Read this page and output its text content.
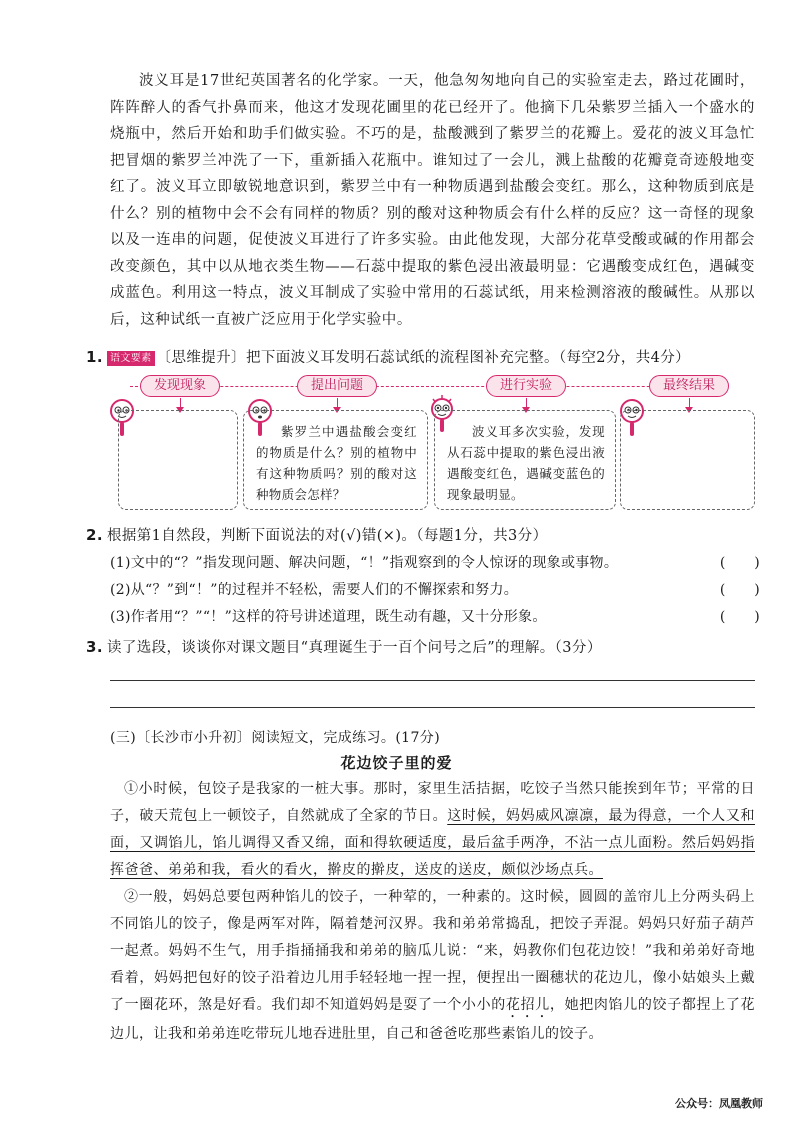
波义耳是17世纪英国著名的化学家。一天，他急匆匆地向自己的实验室走去，路过花圃时，阵阵醉人的香气扑鼻而来，他这才发现花圃里的花已经开了。他摘下几朵紫罗兰插入一个盛水的烧瓶中，然后开始和助手们做实验。不巧的是，盐酸溅到了紫罗兰的花瓣上。爱花的波义耳急忙把冒烟的紫罗兰冲洗了一下，重新插入花瓶中。谁知过了一会儿，溅上盐酸的花瓣竟奇迹般地变红了。波义耳立即敏锐地意识到，紫罗兰中有一种物质遇到盐酸会变红。那么，这种物质到底是什么？别的植物中会不会有同样的物质？别的酸对这种物质会有什么样的反应？这一奇怪的现象以及一连串的问题，促使波义耳进行了许多实验。由此他发现，大部分花草受酸或碱的作用都会改变颜色，其中以从地衣类生物——石蕊中提取的紫色浸出液最明显：它遇酸变成红色，遇碱变成蓝色。利用这一特点，波义耳制成了实验中常用的石蕊试纸，用来检测溶液的酸碱性。从那以后，这种试纸一直被广泛应用于化学实验中。

1. 语文要素 〔思维提升〕把下面波义耳发明石蕊试纸的流程图补充完整。（每空2分，共4分）
发现现象	提出问题	进行实验	最终结果
紫罗兰中遇盐酸会变红的物质是什么？别的植物中有这种物质吗？别的酸对这种物质会怎样？
波义耳多次实验，发现从石蕊中提取的紫色浸出液遇酸变红色，遇碱变蓝色的现象最明显。
2. 根据第1自然段，判断下面说法的对(√)错(×)。（每题1分，共3分）
(1)文中的“？”指发现问题、解决问题，“！”指观察到的令人惊讶的现象或事物。	(　　)
(2)从“？”到“！”的过程并不轻松，需要人们的不懈探索和努力。	(　　)
(3)作者用“？”“！”这样的符号讲述道理，既生动有趣，又十分形象。	(　　)
3. 读了选段，谈谈你对课文题目“真理诞生于一百个问号之后”的理解。（3分）
(三)〔长沙市小升初〕阅读短文，完成练习。(17分)
花边饺子里的爱

①小时候，包饺子是我家的一桩大事。那时，家里生活拮据，吃饺子当然只能挨到年节；平常的日子，破天荒包上一顿饺子，自然就成了全家的节日。这时候，妈妈威风凛凛，最为得意，一个人又和面，又调馅儿，馅儿调得又香又绵，面和得软硬适度，最后盆手两净，不沾一点儿面粉。然后妈妈指挥爸爸、弟弟和我，看火的看火，擀皮的擀皮，送皮的送皮，颇似沙场点兵。

②一般，妈妈总要包两种馅儿的饺子，一种荤的，一种素的。这时候，圆圆的盖帘儿上分两头码上不同馅儿的饺子，像是两军对阵，隔着楚河汉界。我和弟弟常捣乱，把饺子弄混。妈妈只好茄子葫芦一起煮。妈妈不生气，用手指捅捅我和弟弟的脑瓜儿说：“来，妈教你们包花边饺！”我和弟弟好奇地看着，妈妈把包好的饺子沿着边儿用手轻轻地一捏一捏，便捏出一圈穗状的花边儿，像小姑娘头上戴了一圈花环，煞是好看。我们却不知道妈妈是耍了一个小小的花招儿，她把肉馅儿的饺子都捏上了花边儿，让我和弟弟连吃带玩儿地吞进肚里，自己和爸爸吃那些素馅儿的饺子。

公众号：凤凰教师
